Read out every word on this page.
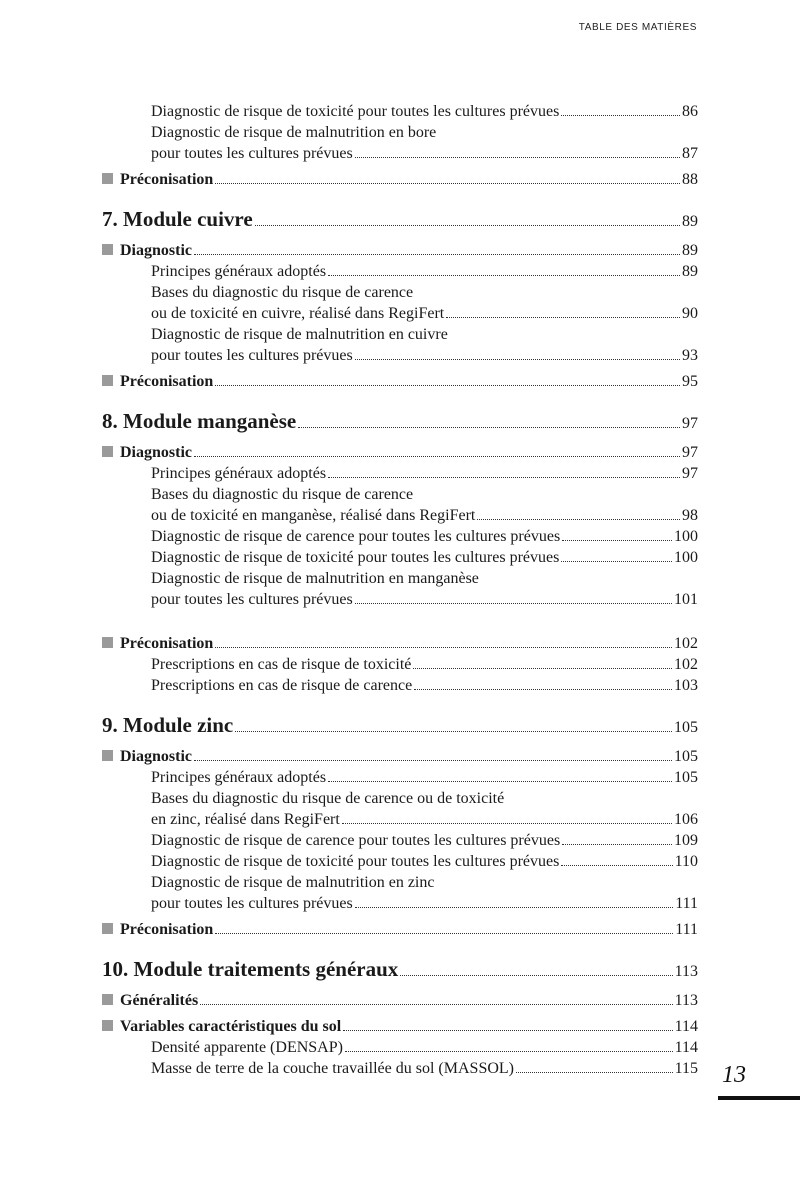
TABLE DES MATIÈRES
Diagnostic de risque de toxicité pour toutes les cultures prévues	86
Diagnostic de risque de malnutrition en bore
pour toutes les cultures prévues	87
Préconisation	88
7. Module cuivre	89
Diagnostic	89
Principes généraux adoptés	89
Bases du diagnostic du risque de carence
ou de toxicité en cuivre, réalisé dans RegiFert	90
Diagnostic de risque de malnutrition en cuivre
pour toutes les cultures prévues	93
Préconisation	95
8. Module manganèse	97
Diagnostic	97
Principes généraux adoptés	97
Bases du diagnostic du risque de carence
ou de toxicité en manganèse, réalisé dans RegiFert	98
Diagnostic de risque de carence pour toutes les cultures prévues	100
Diagnostic de risque de toxicité pour toutes les cultures prévues	100
Diagnostic de risque de malnutrition en manganèse
pour toutes les cultures prévues	101
Préconisation	102
Prescriptions en cas de risque de toxicité	102
Prescriptions en cas de risque de carence	103
9. Module zinc	105
Diagnostic	105
Principes généraux adoptés	105
Bases du diagnostic du risque de carence ou de toxicité
en zinc, réalisé dans RegiFert	106
Diagnostic de risque de carence pour toutes les cultures prévues	109
Diagnostic de risque de toxicité pour toutes les cultures prévues	110
Diagnostic de risque de malnutrition en zinc
pour toutes les cultures prévues	111
Préconisation	111
10. Module traitements généraux	113
Généralités	113
Variables caractéristiques du sol	114
Densité apparente (DENSAP)	114
Masse de terre de la couche travaillée du sol (MASSOL)	115 13
